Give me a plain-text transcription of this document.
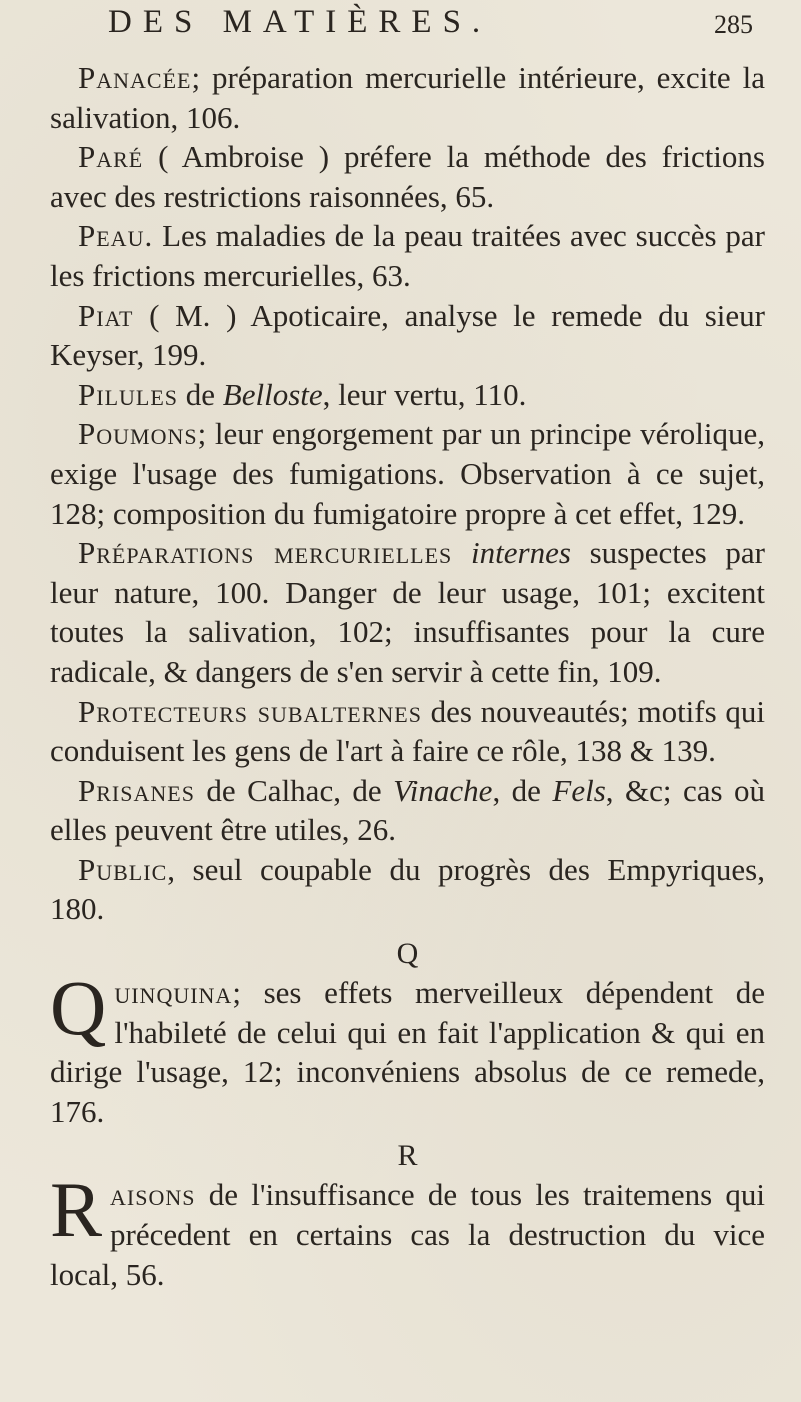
DES MATIÈRES.	285

Panacée; préparation mercurielle intérieure, excite la salivation, 106.

Paré ( Ambroise ) préfere la méthode des frictions avec des restrictions raisonnées, 65.

Peau. Les maladies de la peau traitées avec succès par les frictions mercurielles, 63.

Piat ( M. ) Apoticaire, analyse le remede du sieur Keyser, 199.

Pilules de Belloste, leur vertu, 110.

Poumons; leur engorgement par un principe vérolique, exige l'usage des fumigations. Observation à ce sujet, 128; composition du fumigatoire propre à cet effet, 129.

Préparations mercurielles internes suspectes par leur nature, 100. Danger de leur usage, 101; excitent toutes la salivation, 102; insuffisantes pour la cure radicale, & dangers de s'en servir à cette fin, 109.

Protecteurs subalternes des nouveautés; motifs qui conduisent les gens de l'art à faire ce rôle, 138 & 139.

Prisanes de Calhac, de Vinache, de Fels, &c; cas où elles peuvent être utiles, 26.

Public, seul coupable du progrès des Empyriques, 180.

Q

Quinquina; ses effets merveilleux dépendent de l'habileté de celui qui en fait l'application & qui en dirige l'usage, 12; inconvéniens absolus de ce remede, 176.

R

Raisons de l'insuffisance de tous les traitemens qui précedent en certains cas la destruction du vice local, 56.
